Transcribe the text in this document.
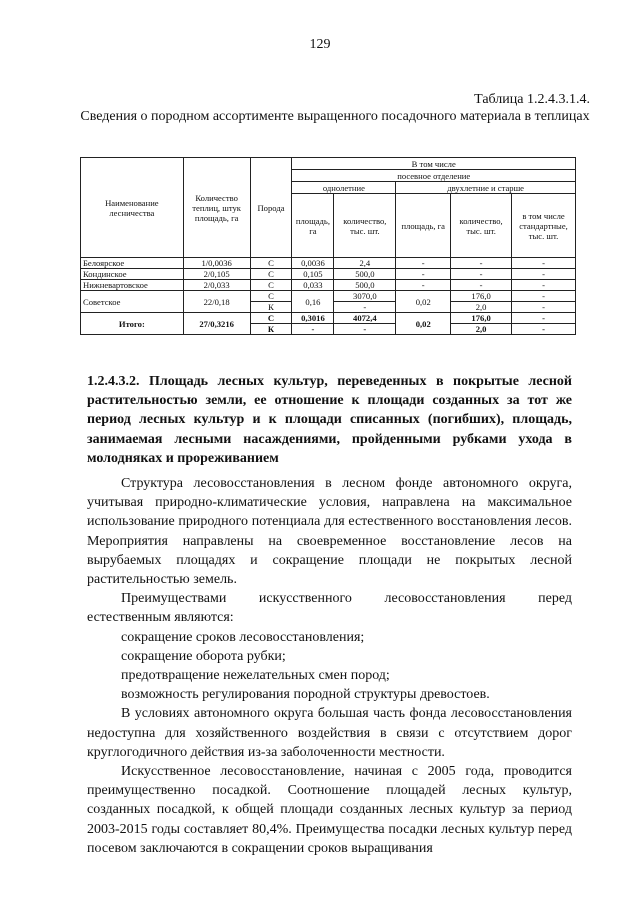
129
Таблица 1.2.4.3.1.4.
Сведения о породном ассортименте выращенного посадочного материала в теплицах
Наименование лесничества	Количество теплиц, штук площадь, га	Порода	В том числе				
			посевное отделение				
			однолетние		двухлетние и старше		
			площадь, га	количество, тыс. шт.	площадь, га	количество, тыс. шт.	в том числе стандартные, тыс. шт.
Белоярское	1/0,0036	С	0,0036	2,4	-	-	-
Кондинское	2/0,105	С	0,105	500,0	-	-	-
Нижневартовское	2/0,033	С	0,033	500,0	-	-	-
Советское	22/0,18	С	0,16	3070,0	0,02	176,0	-
		К		-		2,0	-
Итого:	27/0,3216	С	0,3016	4072,4	0,02	176,0	-
		К	-	-		2,0	-
1.2.4.3.2. Площадь лесных культур, переведенных в покрытые лесной растительностью земли, ее отношение к площади созданных за тот же период лесных культур и к площади списанных (погибших), площадь, занимаемая лесными насаждениями, пройденными рубками ухода в молодняках и прореживанием

Структура лесовосстановления в лесном фонде автономного округа, учитывая природно-климатические условия, направлена на максимальное использование природного потенциала для естественного восстановления лесов. Мероприятия направлены на своевременное восстановление лесов на вырубаемых площадях и сокращение площади не покрытых лесной растительностью земель.

Преимуществами искусственного лесовосстановления перед

естественным являются:

сокращение сроков лесовосстановления;

сокращение оборота рубки;

предотвращение нежелательных смен пород;

возможность регулирования породной структуры древостоев.

В условиях автономного округа большая часть фонда лесовосстановления недоступна для хозяйственного воздействия в связи с отсутствием дорог круглогодичного действия из-за заболоченности местности.

Искусственное лесовосстановление, начиная с 2005 года, проводится преимущественно посадкой. Соотношение площадей лесных культур, созданных посадкой, к общей площади созданных лесных культур за период 2003-2015 годы составляет 80,4%. Преимущества посадки лесных культур перед посевом заключаются в сокращении сроков выращивания
